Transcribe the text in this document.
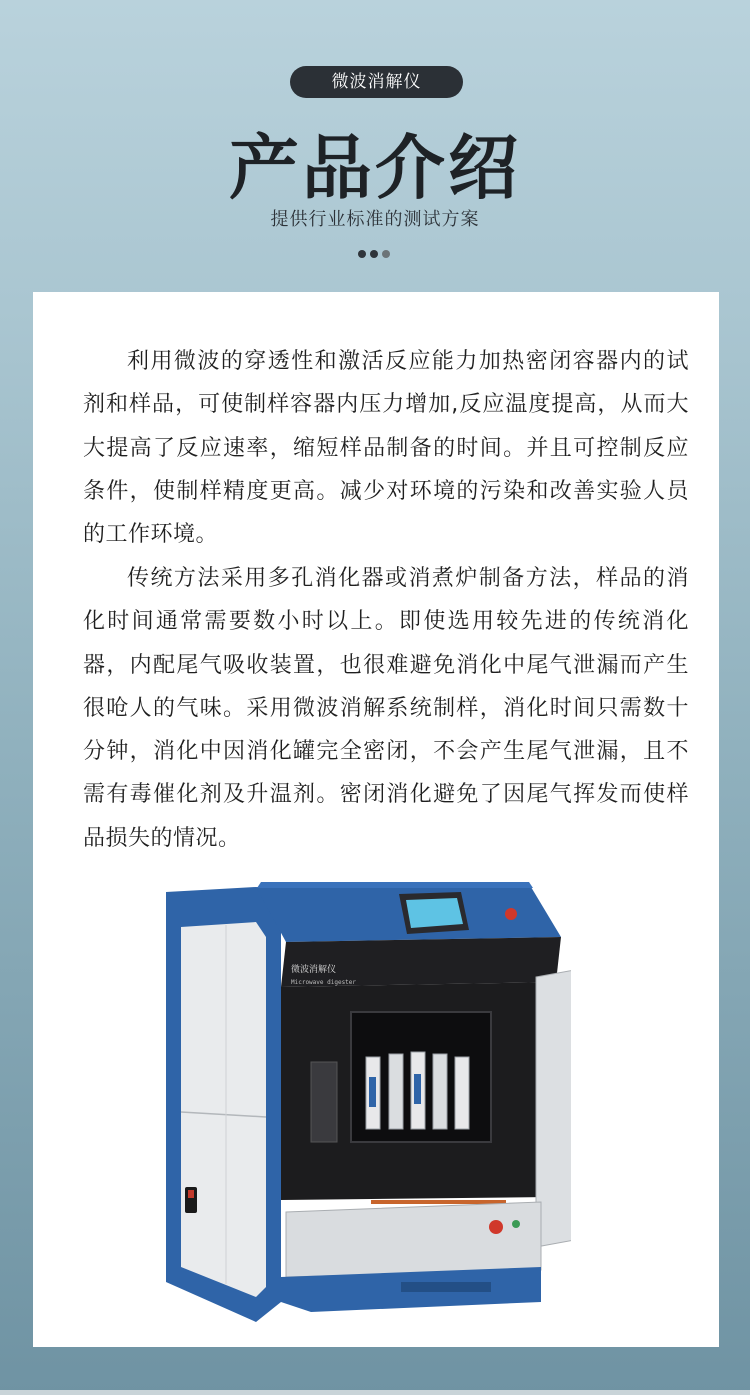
微波消解仪
产品介绍
提供行业标准的测试方案

利用微波的穿透性和激活反应能力加热密闭容器内的试剂和样品，可使制样容器内压力增加,反应温度提高，从而大大提高了反应速率，缩短样品制备的时间。并且可控制反应条件，使制样精度更高。减少对环境的污染和改善实验人员的工作环境。

传统方法采用多孔消化器或消煮炉制备方法，样品的消化时间通常需要数小时以上。即使选用较先进的传统消化器，内配尾气吸收装置，也很难避免消化中尾气泄漏而产生很呛人的气味。采用微波消解系统制样，消化时间只需数十分钟，消化中因消化罐完全密闭，不会产生尾气泄漏，且不需有毒催化剂及升温剂。密闭消化避免了因尾气挥发而使样品损失的情况。

微波消解仪
Microwave digester
